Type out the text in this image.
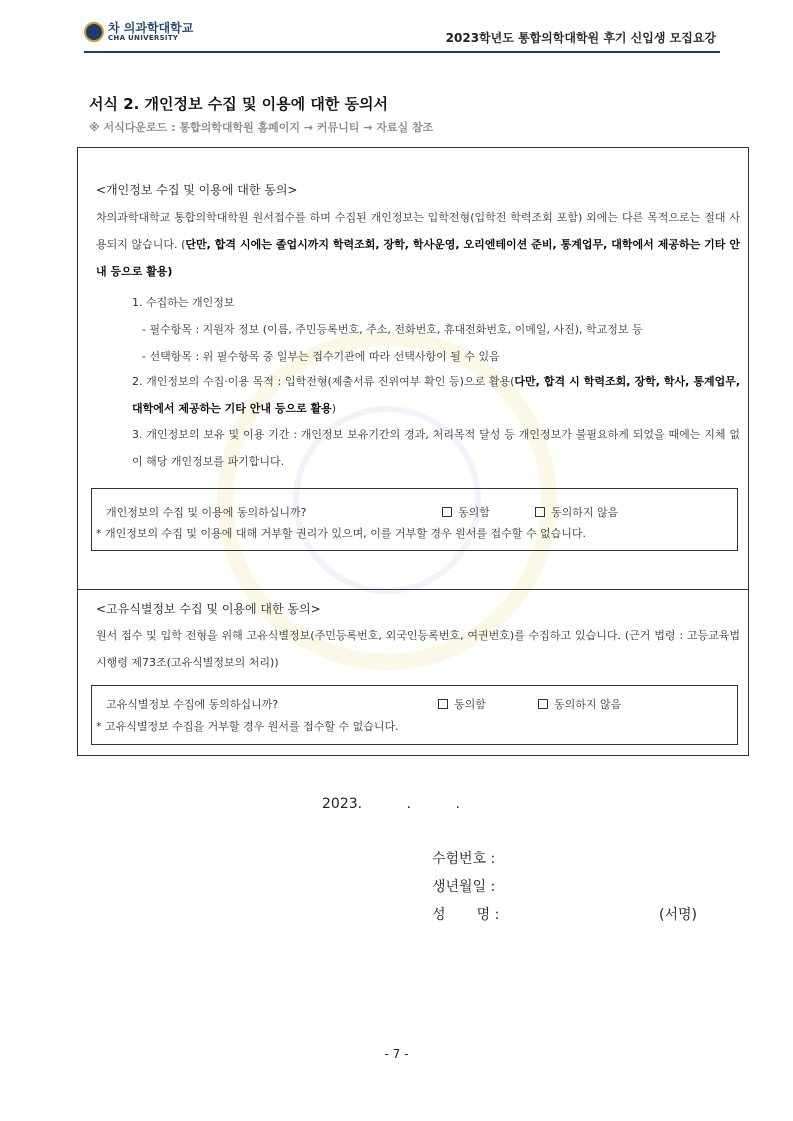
차 의과학대학교
CHA UNIVERSITY	2023학년도 통합의학대학원 후기 신입생 모집요강
서식 2. 개인정보 수집 및 이용에 대한 동의서
※ 서식다운로드 : 통합의학대학원 홈페이지 → 커뮤니티 → 자료실 참조
<개인정보 수집 및 이용에 대한 동의>
차의과학대학교 통합의학대학원 원서접수를 하며 수집된 개인정보는 입학전형(입학전 학력조회 포함) 외에는 다른 목적으로는 절대 사용되지 않습니다. (단만, 합격 시에는 졸업시까지 학력조회, 장학, 학사운영, 오리엔테이션 준비, 통계업무, 대학에서 제공하는 기타 안내 등으로 활용)
1. 수집하는 개인정보
- 필수항목 : 지원자 정보 (이름, 주민등록번호, 주소, 전화번호, 휴대전화번호, 이메일, 사진), 학교정보 등
- 선택항목 : 위 필수항목 중 일부는 접수기관에 따라 선택사항이 될 수 있음
2. 개인정보의 수집·이용 목적 : 입학전형(제출서류 진위여부 확인 등)으로 활용(다만, 합격 시 학력조회, 장학, 학사, 통계업무, 대학에서 제공하는 기타 안내 등으로 활용)
3. 개인정보의 보유 및 이용 기간 : 개인정보 보유기간의 경과, 처리목적 달성 등 개인정보가 불필요하게 되었을 때에는 지체 없이 해당 개인정보를 파기합니다.
개인정보의 수집 및 이용에 동의하십니까?	동의함	동의하지 않음
* 개인정보의 수집 및 이용에 대해 거부할 권리가 있으며, 이를 거부할 경우 원서를 접수할 수 없습니다.
<고유식별정보 수집 및 이용에 대한 동의>
원서 접수 및 입학 전형을 위해 고유식별정보(주민등록번호, 외국인등록번호, 여권번호)를 수집하고 있습니다. (근거 법령 : 고등교육법 시행령 제73조(고유식별정보의 처리))
고유식별정보 수집에 동의하십니까?	동의함	동의하지 않음
* 고유식별정보 수집을 거부할 경우 원서를 접수할 수 없습니다.
2023.          .          .
수험번호 :
생년월일 :
성       명 :	(서명)
- 7 -
